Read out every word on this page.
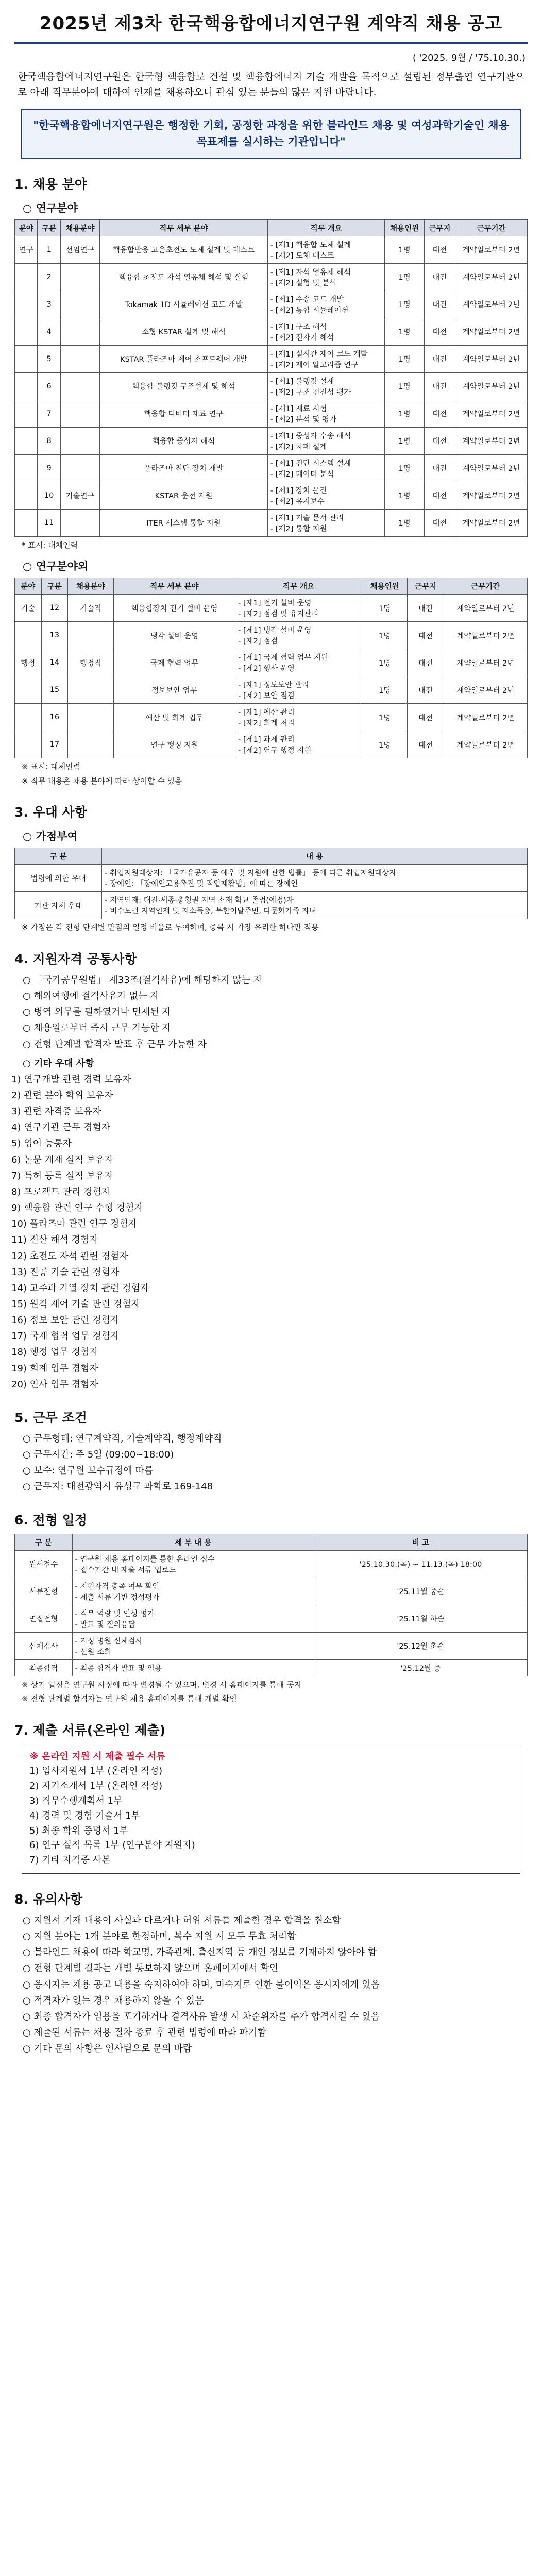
2025년 제3차 한국핵융합에너지연구원 계약직 채용 공고
( '2025. 9월 / '75.10.30.)
한국핵융합에너지연구원은 한국형 핵융합로 건설 및 핵융합에너지 기술 개발을 목적으로 설립된 정부출연 연구기관으로 아래 직무분야에 대하여 인재를 채용하오니 관심 있는 분들의 많은 지원 바랍니다.
"한국핵융합에너지연구원은 행정한 기회, 공정한 과정을 위한 블라인드 채용 및 여성과학기술인 채용목표제를 실시하는 기관입니다"
1. 채용 분야
○ 연구분야
분야	구분	채용분야	직무 세부 분야	직무 개요	채용인원	근무지	근무기간
연구	1	선임연구	핵융합반응 고온초전도 도체 설계 및 테스트	- [제1] 핵융합 도체 설계
- [제2] 도체 테스트	1명	대전	계약일로부터 2년
	2		핵융합 초전도 자석 열유체 해석 및 실험	- [제1] 자석 열유체 해석
- [제2] 실험 및 분석	1명	대전	계약일로부터 2년
	3		Tokamak 1D 시뮬레이션 코드 개발	- [제1] 수송 코드 개발
- [제2] 통합 시뮬레이션	1명	대전	계약일로부터 2년
	4		소형 KSTAR 설계 및 해석	- [제1] 구조 해석
- [제2] 전자기 해석	1명	대전	계약일로부터 2년
	5		KSTAR 플라즈마 제어 소프트웨어 개발	- [제1] 실시간 제어 코드 개발
- [제2] 제어 알고리즘 연구	1명	대전	계약일로부터 2년
	6		핵융합 블랭킷 구조설계 및 해석	- [제1] 블랭킷 설계
- [제2] 구조 건전성 평가	1명	대전	계약일로부터 2년
	7		핵융합 디버터 재료 연구	- [제1] 재료 시험
- [제2] 분석 및 평가	1명	대전	계약일로부터 2년
	8		핵융합 중성자 해석	- [제1] 중성자 수송 해석
- [제2] 차폐 설계	1명	대전	계약일로부터 2년
	9		플라즈마 진단 장치 개발	- [제1] 진단 시스템 설계
- [제2] 데이터 분석	1명	대전	계약일로부터 2년
	10	기술연구	KSTAR 운전 지원	- [제1] 장치 운전
- [제2] 유지보수	1명	대전	계약일로부터 2년
	11		ITER 시스템 통합 지원	- [제1] 기술 문서 관리
- [제2] 통합 지원	1명	대전	계약일로부터 2년
* 표시: 대체인력
○ 연구분야외
분야	구분	채용분야	직무 세부 분야	직무 개요	채용인원	근무지	근무기간
기술	12	기술직	핵융합장치 전기 설비 운영	- [제1] 전기 설비 운영
- [제2] 점검 및 유지관리	1명	대전	계약일로부터 2년
	13		냉각 설비 운영	- [제1] 냉각 설비 운영
- [제2] 점검	1명	대전	계약일로부터 2년
행정	14	행정직	국제 협력 업무	- [제1] 국제 협력 업무 지원
- [제2] 행사 운영	1명	대전	계약일로부터 2년
	15		정보보안 업무	- [제1] 정보보안 관리
- [제2] 보안 점검	1명	대전	계약일로부터 2년
	16		예산 및 회계 업무	- [제1] 예산 관리
- [제2] 회계 처리	1명	대전	계약일로부터 2년
	17		연구 행정 지원	- [제1] 과제 관리
- [제2] 연구 행정 지원	1명	대전	계약일로부터 2년
※ 표시: 대체인력
※ 직무 내용은 채용 분야에 따라 상이할 수 있음
3. 우대 사항
○ 가점부여
구 분	내 용
법령에 의한 우대	- 취업지원대상자: 「국가유공자 등 예우 및 지원에 관한 법률」 등에 따른 취업지원대상자
- 장애인: 「장애인고용촉진 및 직업재활법」에 따른 장애인
기관 자체 우대	- 지역인재: 대전·세종·충청권 지역 소재 학교 졸업(예정)자
- 비수도권 지역인재 및 저소득층, 북한이탈주민, 다문화가족 자녀
※ 가점은 각 전형 단계별 만점의 일정 비율로 부여하며, 중복 시 가장 유리한 하나만 적용
4. 지원자격 공통사항
○ 「국가공무원법」 제33조(결격사유)에 해당하지 않는 자
○ 해외여행에 결격사유가 없는 자
○ 병역 의무를 필하였거나 면제된 자
○ 채용일로부터 즉시 근무 가능한 자
○ 전형 단계별 합격자 발표 후 근무 가능한 자
○ 기타 우대 사항
1) 연구개발 관련 경력 보유자
2) 관련 분야 학위 보유자
3) 관련 자격증 보유자
4) 연구기관 근무 경험자
5) 영어 능통자
6) 논문 게재 실적 보유자
7) 특허 등록 실적 보유자
8) 프로젝트 관리 경험자
9) 핵융합 관련 연구 수행 경험자
10) 플라즈마 관련 연구 경험자
11) 전산 해석 경험자
12) 초전도 자석 관련 경험자
13) 진공 기술 관련 경험자
14) 고주파 가열 장치 관련 경험자
15) 원격 제어 기술 관련 경험자
16) 정보 보안 관련 경험자
17) 국제 협력 업무 경험자
18) 행정 업무 경험자
19) 회계 업무 경험자
20) 인사 업무 경험자
5. 근무 조건
○ 근무형태: 연구계약직, 기술계약직, 행정계약직
○ 근무시간: 주 5일 (09:00~18:00)
○ 보수: 연구원 보수규정에 따름
○ 근무지: 대전광역시 유성구 과학로 169-148
6. 전형 일정
구 분	세 부 내 용	비 고
원서접수	- 연구원 채용 홈페이지를 통한 온라인 접수
- 접수기간 내 제출 서류 업로드	'25.10.30.(목) ~ 11.13.(목) 18:00
서류전형	- 지원자격 충족 여부 확인
- 제출 서류 기반 정성평가	'25.11월 중순
면접전형	- 직무 역량 및 인성 평가
- 발표 및 질의응답	'25.11월 하순
신체검사	- 지정 병원 신체검사
- 신원 조회	'25.12월 초순
최종합격	- 최종 합격자 발표 및 임용	'25.12월 중
※ 상기 일정은 연구원 사정에 따라 변경될 수 있으며, 변경 시 홈페이지를 통해 공지
※ 전형 단계별 합격자는 연구원 채용 홈페이지를 통해 개별 확인
7. 제출 서류(온라인 제출)
※ 온라인 지원 시 제출 필수 서류
1) 입사지원서 1부 (온라인 작성)
2) 자기소개서 1부 (온라인 작성)
3) 직무수행계획서 1부
4) 경력 및 경험 기술서 1부
5) 최종 학위 증명서 1부
6) 연구 실적 목록 1부 (연구분야 지원자)
7) 기타 자격증 사본
8. 유의사항
○ 지원서 기재 내용이 사실과 다르거나 허위 서류를 제출한 경우 합격을 취소함
○ 지원 분야는 1개 분야로 한정하며, 복수 지원 시 모두 무효 처리함
○ 블라인드 채용에 따라 학교명, 가족관계, 출신지역 등 개인 정보를 기재하지 않아야 함
○ 전형 단계별 결과는 개별 통보하지 않으며 홈페이지에서 확인
○ 응시자는 채용 공고 내용을 숙지하여야 하며, 미숙지로 인한 불이익은 응시자에게 있음
○ 적격자가 없는 경우 채용하지 않을 수 있음
○ 최종 합격자가 임용을 포기하거나 결격사유 발생 시 차순위자를 추가 합격시킬 수 있음
○ 제출된 서류는 채용 절차 종료 후 관련 법령에 따라 파기함
○ 기타 문의 사항은 인사팀으로 문의 바람
